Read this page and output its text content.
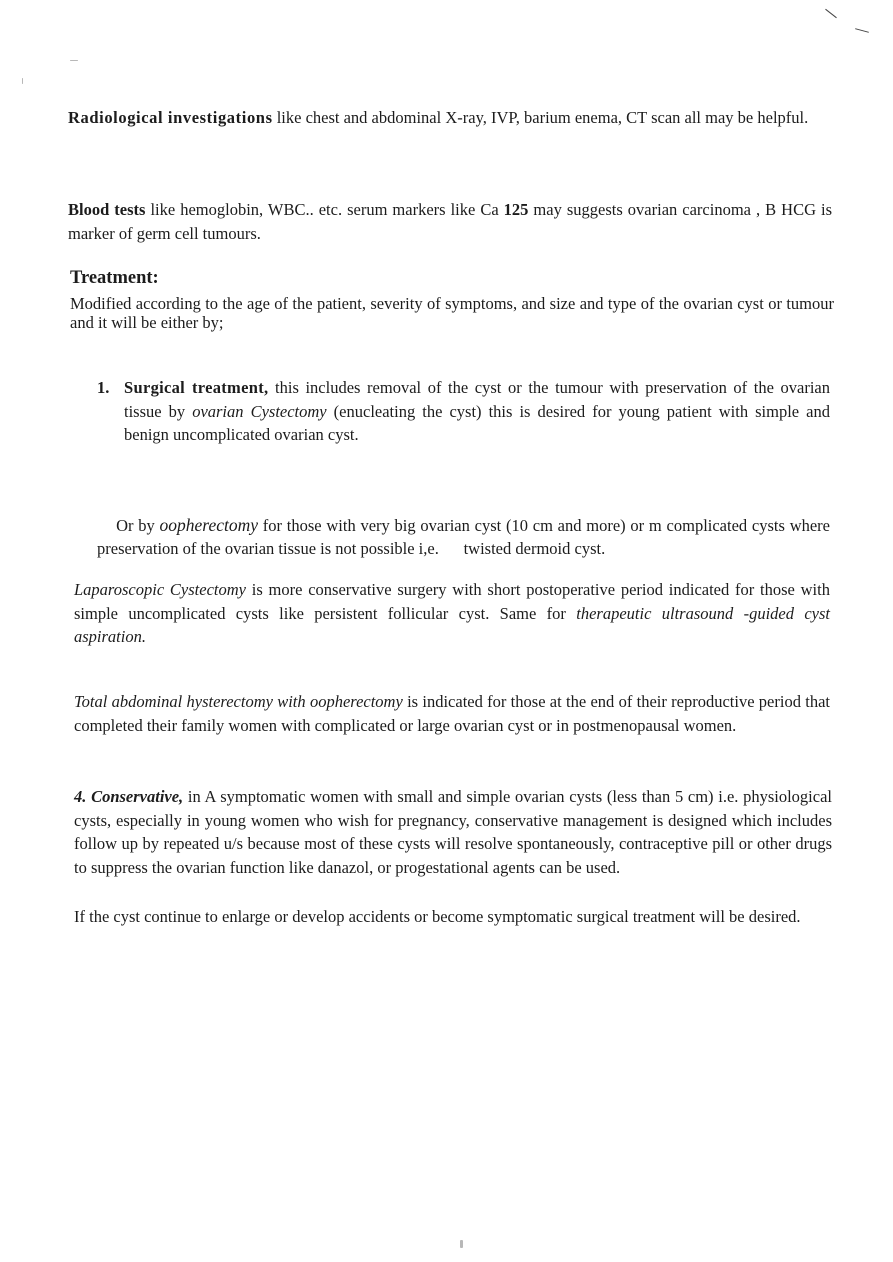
Radiological investigations like chest and abdominal X-ray, IVP, barium enema, CT scan all may be helpful.

Blood tests like hemoglobin, WBC.. etc. serum markers like Ca 125 may suggests ovarian carcinoma , B HCG is marker of germ cell tumours.

Treatment:

Modified according to the age of the patient, severity of symptoms, and size and type of the ovarian cyst or tumour and it will be either by;

1. Surgical treatment, this includes removal of the cyst or the tumour with preservation of the ovarian tissue by ovarian Cystectomy (enucleating the cyst) this is desired for young patient with simple and benign uncomplicated ovarian cyst.

Or by oopherectomy for those with very big ovarian cyst (10 cm and more) or m complicated cysts where preservation of the ovarian tissue is not possible i,e.      twisted dermoid cyst.

Laparoscopic Cystectomy is more conservative surgery with short postoperative period indicated for those with simple uncomplicated cysts like persistent follicular cyst. Same for therapeutic ultrasound -guided cyst aspiration.

Total abdominal hysterectomy with oopherectomy is indicated for those at the end of their reproductive period that completed their family women with complicated or large ovarian cyst or in postmenopausal women.

4. Conservative, in A symptomatic women with small and simple ovarian cysts (less than 5 cm) i.e. physiological cysts, especially in young women who wish for pregnancy, conservative management is designed which includes follow up by repeated u/s because most of these cysts will resolve spontaneously, contraceptive pill or other drugs to suppress the ovarian function like danazol, or progestational agents can be used.

If the cyst continue to enlarge or develop accidents or become symptomatic surgical treatment will be desired.
